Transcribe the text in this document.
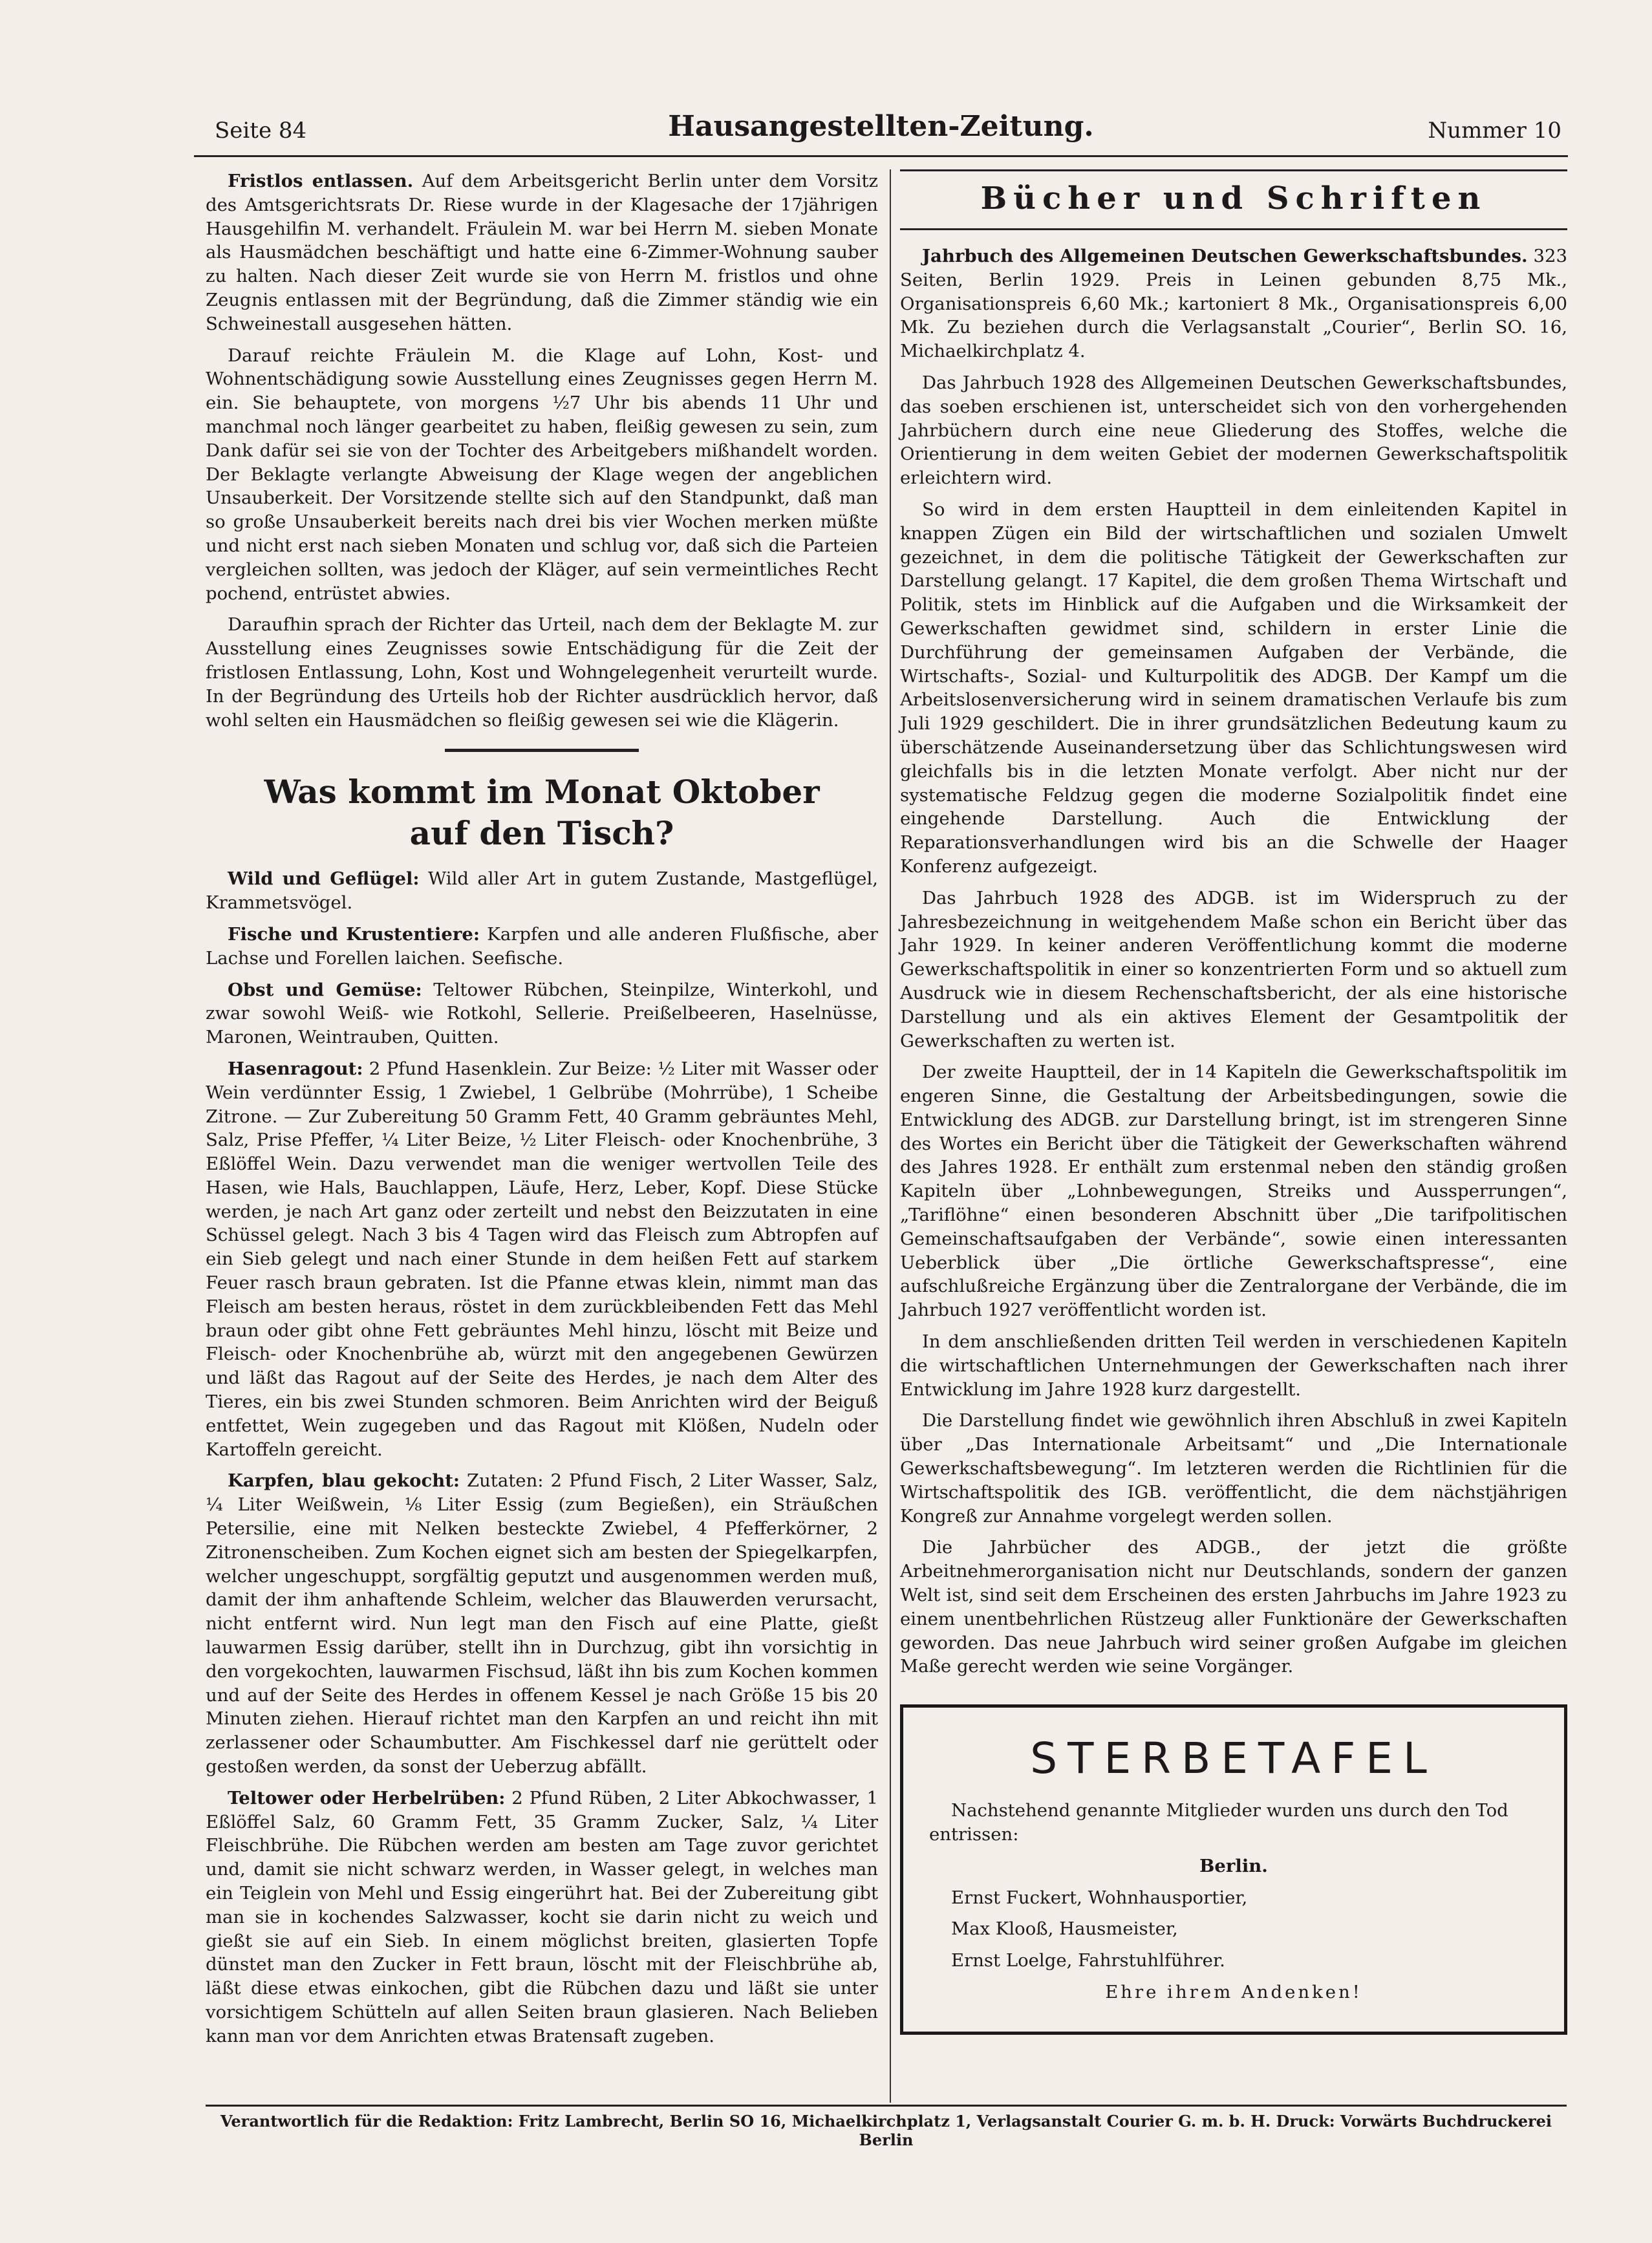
Seite 84	Hausangestellten-Zeitung.	Nummer 10

Fristlos entlassen. Auf dem Arbeitsgericht Berlin unter dem Vorsitz des Amtsgerichtsrats Dr. Riese wurde in der Klagesache der 17jährigen Hausgehilfin M. verhandelt. Fräulein M. war bei Herrn M. sieben Monate als Hausmädchen beschäftigt und hatte eine 6-Zimmer-Wohnung sauber zu halten. Nach dieser Zeit wurde sie von Herrn M. fristlos und ohne Zeugnis entlassen mit der Begründung, daß die Zimmer ständig wie ein Schweinestall ausgesehen hätten.

Darauf reichte Fräulein M. die Klage auf Lohn, Kost- und Wohnentschädigung sowie Ausstellung eines Zeugnisses gegen Herrn M. ein. Sie behauptete, von morgens ½7 Uhr bis abends 11 Uhr und manchmal noch länger gearbeitet zu haben, fleißig gewesen zu sein, zum Dank dafür sei sie von der Tochter des Arbeitgebers mißhandelt worden. Der Beklagte verlangte Abweisung der Klage wegen der angeblichen Unsauberkeit. Der Vorsitzende stellte sich auf den Standpunkt, daß man so große Unsauberkeit bereits nach drei bis vier Wochen merken müßte und nicht erst nach sieben Monaten und schlug vor, daß sich die Parteien vergleichen sollten, was jedoch der Kläger, auf sein vermeintliches Recht pochend, entrüstet abwies.

Daraufhin sprach der Richter das Urteil, nach dem der Beklagte M. zur Ausstellung eines Zeugnisses sowie Entschädigung für die Zeit der fristlosen Entlassung, Lohn, Kost und Wohngelegenheit verurteilt wurde. In der Begründung des Urteils hob der Richter ausdrücklich hervor, daß wohl selten ein Hausmädchen so fleißig gewesen sei wie die Klägerin.

Was kommt im Monat Oktober
auf den Tisch?

Wild und Geflügel: Wild aller Art in gutem Zustande, Mastgeflügel, Krammetsvögel.

Fische und Krustentiere: Karpfen und alle anderen Flußfische, aber Lachse und Forellen laichen. Seefische.

Obst und Gemüse: Teltower Rübchen, Steinpilze, Winterkohl, und zwar sowohl Weiß- wie Rotkohl, Sellerie. Preißelbeeren, Haselnüsse, Maronen, Weintrauben, Quitten.

Hasenragout: 2 Pfund Hasenklein. Zur Beize: ½ Liter mit Wasser oder Wein verdünnter Essig, 1 Zwiebel, 1 Gelbrübe (Mohrrübe), 1 Scheibe Zitrone. — Zur Zubereitung 50 Gramm Fett, 40 Gramm gebräuntes Mehl, Salz, Prise Pfeffer, ¼ Liter Beize, ½ Liter Fleisch- oder Knochenbrühe, 3 Eßlöffel Wein. Dazu verwendet man die weniger wertvollen Teile des Hasen, wie Hals, Bauchlappen, Läufe, Herz, Leber, Kopf. Diese Stücke werden, je nach Art ganz oder zerteilt und nebst den Beizzutaten in eine Schüssel gelegt. Nach 3 bis 4 Tagen wird das Fleisch zum Abtropfen auf ein Sieb gelegt und nach einer Stunde in dem heißen Fett auf starkem Feuer rasch braun gebraten. Ist die Pfanne etwas klein, nimmt man das Fleisch am besten heraus, röstet in dem zurückbleibenden Fett das Mehl braun oder gibt ohne Fett gebräuntes Mehl hinzu, löscht mit Beize und Fleisch- oder Knochenbrühe ab, würzt mit den angegebenen Gewürzen und läßt das Ragout auf der Seite des Herdes, je nach dem Alter des Tieres, ein bis zwei Stunden schmoren. Beim Anrichten wird der Beiguß entfettet, Wein zugegeben und das Ragout mit Klößen, Nudeln oder Kartoffeln gereicht.

Karpfen, blau gekocht: Zutaten: 2 Pfund Fisch, 2 Liter Wasser, Salz, ¼ Liter Weißwein, ⅛ Liter Essig (zum Begießen), ein Sträußchen Petersilie, eine mit Nelken besteckte Zwiebel, 4 Pfefferkörner, 2 Zitronenscheiben. Zum Kochen eignet sich am besten der Spiegelkarpfen, welcher ungeschuppt, sorgfältig geputzt und ausgenommen werden muß, damit der ihm anhaftende Schleim, welcher das Blauwerden verursacht, nicht entfernt wird. Nun legt man den Fisch auf eine Platte, gießt lauwarmen Essig darüber, stellt ihn in Durchzug, gibt ihn vorsichtig in den vorgekochten, lauwarmen Fischsud, läßt ihn bis zum Kochen kommen und auf der Seite des Herdes in offenem Kessel je nach Größe 15 bis 20 Minuten ziehen. Hierauf richtet man den Karpfen an und reicht ihn mit zerlassener oder Schaumbutter. Am Fischkessel darf nie gerüttelt oder gestoßen werden, da sonst der Ueberzug abfällt.

Teltower oder Herbelrüben: 2 Pfund Rüben, 2 Liter Abkochwasser, 1 Eßlöffel Salz, 60 Gramm Fett, 35 Gramm Zucker, Salz, ¼ Liter Fleischbrühe. Die Rübchen werden am besten am Tage zuvor gerichtet und, damit sie nicht schwarz werden, in Wasser gelegt, in welches man ein Teiglein von Mehl und Essig eingerührt hat. Bei der Zubereitung gibt man sie in kochendes Salzwasser, kocht sie darin nicht zu weich und gießt sie auf ein Sieb. In einem möglichst breiten, glasierten Topfe dünstet man den Zucker in Fett braun, löscht mit der Fleischbrühe ab, läßt diese etwas einkochen, gibt die Rübchen dazu und läßt sie unter vorsichtigem Schütteln auf allen Seiten braun glasieren. Nach Belieben kann man vor dem Anrichten etwas Bratensaft zugeben.

Bücher und Schriften

Jahrbuch des Allgemeinen Deutschen Gewerkschaftsbundes. 323 Seiten, Berlin 1929. Preis in Leinen gebunden 8,75 Mk., Organisationspreis 6,60 Mk.; kartoniert 8 Mk., Organisationspreis 6,00 Mk. Zu beziehen durch die Verlagsanstalt „Courier“, Berlin SO. 16, Michaelkirchplatz 4.

Das Jahrbuch 1928 des Allgemeinen Deutschen Gewerkschaftsbundes, das soeben erschienen ist, unterscheidet sich von den vorhergehenden Jahrbüchern durch eine neue Gliederung des Stoffes, welche die Orientierung in dem weiten Gebiet der modernen Gewerkschaftspolitik erleichtern wird.

So wird in dem ersten Hauptteil in dem einleitenden Kapitel in knappen Zügen ein Bild der wirtschaftlichen und sozialen Umwelt gezeichnet, in dem die politische Tätigkeit der Gewerkschaften zur Darstellung gelangt. 17 Kapitel, die dem großen Thema Wirtschaft und Politik, stets im Hinblick auf die Aufgaben und die Wirksamkeit der Gewerkschaften gewidmet sind, schildern in erster Linie die Durchführung der gemeinsamen Aufgaben der Verbände, die Wirtschafts-, Sozial- und Kulturpolitik des ADGB. Der Kampf um die Arbeitslosenversicherung wird in seinem dramatischen Verlaufe bis zum Juli 1929 geschildert. Die in ihrer grundsätzlichen Bedeutung kaum zu überschätzende Auseinandersetzung über das Schlichtungswesen wird gleichfalls bis in die letzten Monate verfolgt. Aber nicht nur der systematische Feldzug gegen die moderne Sozialpolitik findet eine eingehende Darstellung. Auch die Entwicklung der Reparationsverhandlungen wird bis an die Schwelle der Haager Konferenz aufgezeigt.

Das Jahrbuch 1928 des ADGB. ist im Widerspruch zu der Jahresbezeichnung in weitgehendem Maße schon ein Bericht über das Jahr 1929. In keiner anderen Veröffentlichung kommt die moderne Gewerkschaftspolitik in einer so konzentrierten Form und so aktuell zum Ausdruck wie in diesem Rechenschaftsbericht, der als eine historische Darstellung und als ein aktives Element der Gesamtpolitik der Gewerkschaften zu werten ist.

Der zweite Hauptteil, der in 14 Kapiteln die Gewerkschaftspolitik im engeren Sinne, die Gestaltung der Arbeitsbedingungen, sowie die Entwicklung des ADGB. zur Darstellung bringt, ist im strengeren Sinne des Wortes ein Bericht über die Tätigkeit der Gewerkschaften während des Jahres 1928. Er enthält zum erstenmal neben den ständig großen Kapiteln über „Lohnbewegungen, Streiks und Aussperrungen“, „Tariflöhne“ einen besonderen Abschnitt über „Die tarifpolitischen Gemeinschaftsaufgaben der Verbände“, sowie einen interessanten Ueberblick über „Die örtliche Gewerkschaftspresse“, eine aufschlußreiche Ergänzung über die Zentralorgane der Verbände, die im Jahrbuch 1927 veröffentlicht worden ist.

In dem anschließenden dritten Teil werden in verschiedenen Kapiteln die wirtschaftlichen Unternehmungen der Gewerkschaften nach ihrer Entwicklung im Jahre 1928 kurz dargestellt.

Die Darstellung findet wie gewöhnlich ihren Abschluß in zwei Kapiteln über „Das Internationale Arbeitsamt“ und „Die Internationale Gewerkschaftsbewegung“. Im letzteren werden die Richtlinien für die Wirtschaftspolitik des IGB. veröffentlicht, die dem nächstjährigen Kongreß zur Annahme vorgelegt werden sollen.

Die Jahrbücher des ADGB., der jetzt die größte Arbeitnehmerorganisation nicht nur Deutschlands, sondern der ganzen Welt ist, sind seit dem Erscheinen des ersten Jahrbuchs im Jahre 1923 zu einem unentbehrlichen Rüstzeug aller Funktionäre der Gewerkschaften geworden. Das neue Jahrbuch wird seiner großen Aufgabe im gleichen Maße gerecht werden wie seine Vorgänger.

STERBETAFEL

Nachstehend genannte Mitglieder wurden uns durch den Tod entrissen:

Berlin.

Ernst Fuckert, Wohnhausportier,

Max Klooß, Hausmeister,

Ernst Loelge, Fahrstuhlführer.

Ehre ihrem Andenken!

Verantwortlich für die Redaktion: Fritz Lambrecht, Berlin SO 16, Michaelkirchplatz 1, Verlagsanstalt Courier G. m. b. H. Druck: Vorwärts Buchdruckerei Berlin
